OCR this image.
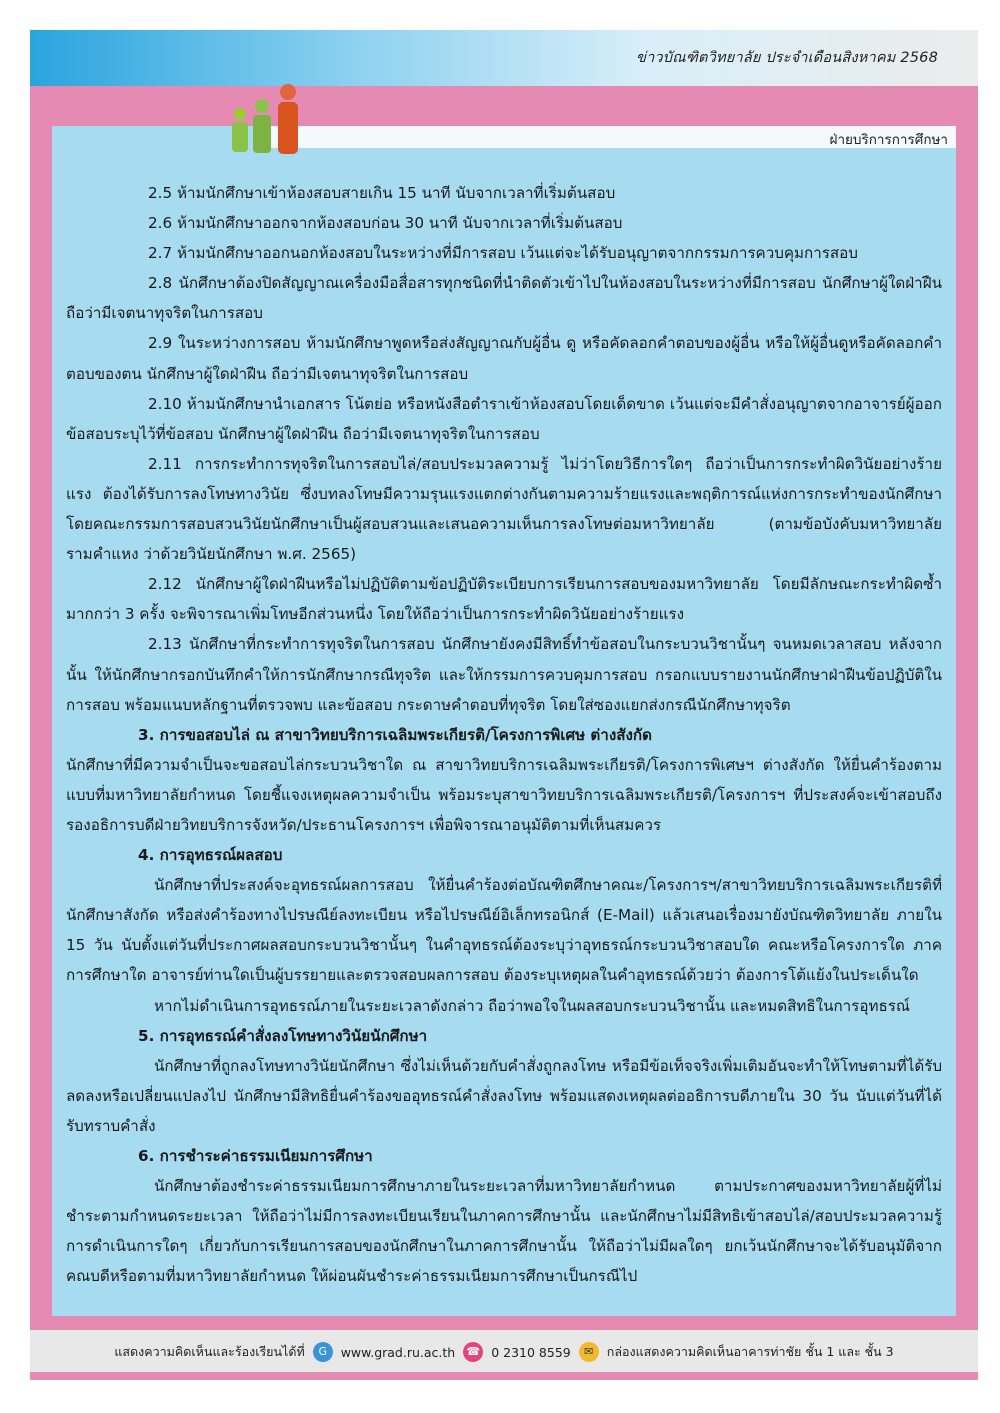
ข่าวบัณฑิตวิทยาลัย ประจำเดือนสิงหาคม 2568
ฝ่ายบริการการศึกษา

2.5 ห้ามนักศึกษาเข้าห้องสอบสายเกิน 15 นาที นับจากเวลาที่เริ่มต้นสอบ

2.6 ห้ามนักศึกษาออกจากห้องสอบก่อน 30 นาที นับจากเวลาที่เริ่มต้นสอบ

2.7 ห้ามนักศึกษาออกนอกห้องสอบในระหว่างที่มีการสอบ เว้นแต่จะได้รับอนุญาตจากกรรมการควบคุมการสอบ

2.8 นักศึกษาต้องปิดสัญญาณเครื่องมือสื่อสารทุกชนิดที่นำติดตัวเข้าไปในห้องสอบในระหว่างที่มีการสอบ นักศึกษาผู้ใดฝ่าฝืน ถือว่ามีเจตนาทุจริตในการสอบ

2.9 ในระหว่างการสอบ ห้ามนักศึกษาพูดหรือส่งสัญญาณกับผู้อื่น ดู หรือคัดลอกคำตอบของผู้อื่น หรือให้ผู้อื่นดูหรือคัดลอกคำตอบของตน นักศึกษาผู้ใดฝ่าฝืน ถือว่ามีเจตนาทุจริตในการสอบ

2.10 ห้ามนักศึกษานำเอกสาร โน้ตย่อ หรือหนังสือตำราเข้าห้องสอบโดยเด็ดขาด เว้นแต่จะมีคำสั่งอนุญาตจากอาจารย์ผู้ออกข้อสอบระบุไว้ที่ข้อสอบ นักศึกษาผู้ใดฝ่าฝืน ถือว่ามีเจตนาทุจริตในการสอบ

2.11 การกระทำการทุจริตในการสอบไล่/สอบประมวลความรู้ ไม่ว่าโดยวิธีการใดๆ ถือว่าเป็นการกระทำผิดวินัยอย่างร้ายแรง ต้องได้รับการลงโทษทางวินัย ซึ่งบทลงโทษมีความรุนแรงแตกต่างกันตามความร้ายแรงและพฤติการณ์แห่งการกระทำของนักศึกษา โดยคณะกรรมการสอบสวนวินัยนักศึกษาเป็นผู้สอบสวนและเสนอความเห็นการลงโทษต่อมหาวิทยาลัย (ตามข้อบังคับมหาวิทยาลัยรามคำแหง ว่าด้วยวินัยนักศึกษา พ.ศ. 2565)

2.12 นักศึกษาผู้ใดฝ่าฝืนหรือไม่ปฏิบัติตามข้อปฏิบัติระเบียบการเรียนการสอบของมหาวิทยาลัย โดยมีลักษณะกระทำผิดซ้ำมากกว่า 3 ครั้ง จะพิจารณาเพิ่มโทษอีกส่วนหนึ่ง โดยให้ถือว่าเป็นการกระทำผิดวินัยอย่างร้ายแรง

2.13 นักศึกษาที่กระทำการทุจริตในการสอบ นักศึกษายังคงมีสิทธิ์ทำข้อสอบในกระบวนวิชานั้นๆ จนหมดเวลาสอบ หลังจากนั้น ให้นักศึกษากรอกบันทึกคำให้การนักศึกษากรณีทุจริต และให้กรรมการควบคุมการสอบ กรอกแบบรายงานนักศึกษาฝ่าฝืนข้อปฏิบัติในการสอบ พร้อมแนบหลักฐานที่ตรวจพบ และข้อสอบ กระดาษคำตอบที่ทุจริต โดยใส่ซองแยกส่งกรณีนักศึกษาทุจริต

3. การขอสอบไล่ ณ สาขาวิทยบริการเฉลิมพระเกียรติ/โครงการพิเศษ ต่างสังกัด

นักศึกษาที่มีความจำเป็นจะขอสอบไล่กระบวนวิชาใด ณ สาขาวิทยบริการเฉลิมพระเกียรติ/โครงการพิเศษฯ ต่างสังกัด ให้ยื่นคำร้องตามแบบที่มหาวิทยาลัยกำหนด โดยชี้แจงเหตุผลความจำเป็น พร้อมระบุสาขาวิทยบริการเฉลิมพระเกียรติ/โครงการฯ ที่ประสงค์จะเข้าสอบถึงรองอธิการบดีฝ่ายวิทยบริการจังหวัด/ประธานโครงการฯ เพื่อพิจารณาอนุมัติตามที่เห็นสมควร

4. การอุทธรณ์ผลสอบ

นักศึกษาที่ประสงค์จะอุทธรณ์ผลการสอบ ให้ยื่นคำร้องต่อบัณฑิตศึกษาคณะ/โครงการฯ/สาขาวิทยบริการเฉลิมพระเกียรติที่นักศึกษาสังกัด หรือส่งคำร้องทางไปรษณีย์ลงทะเบียน หรือไปรษณีย์อิเล็กทรอนิกส์ (E-Mail) แล้วเสนอเรื่องมายังบัณฑิตวิทยาลัย ภายใน 15 วัน นับตั้งแต่วันที่ประกาศผลสอบกระบวนวิชานั้นๆ ในคำอุทธรณ์ต้องระบุว่าอุทธรณ์กระบวนวิชาสอบใด คณะหรือโครงการใด ภาคการศึกษาใด อาจารย์ท่านใดเป็นผู้บรรยายและตรวจสอบผลการสอบ ต้องระบุเหตุผลในคำอุทธรณ์ด้วยว่า ต้องการโต้แย้งในประเด็นใด

หากไม่ดำเนินการอุทธรณ์ภายในระยะเวลาดังกล่าว ถือว่าพอใจในผลสอบกระบวนวิชานั้น และหมดสิทธิในการอุทธรณ์

5. การอุทธรณ์คำสั่งลงโทษทางวินัยนักศึกษา

นักศึกษาที่ถูกลงโทษทางวินัยนักศึกษา ซึ่งไม่เห็นด้วยกับคำสั่งถูกลงโทษ หรือมีข้อเท็จจริงเพิ่มเติมอันจะทำให้โทษตามที่ได้รับลดลงหรือเปลี่ยนแปลงไป นักศึกษามีสิทธิยื่นคำร้องขออุทธรณ์คำสั่งลงโทษ พร้อมแสดงเหตุผลต่ออธิการบดีภายใน 30 วัน นับแต่วันที่ได้รับทราบคำสั่ง

6. การชำระค่าธรรมเนียมการศึกษา

นักศึกษาต้องชำระค่าธรรมเนียมการศึกษาภายในระยะเวลาที่มหาวิทยาลัยกำหนด ตามประกาศของมหาวิทยาลัยผู้ที่ไม่ชำระตามกำหนดระยะเวลา ให้ถือว่าไม่มีการลงทะเบียนเรียนในภาคการศึกษานั้น และนักศึกษาไม่มีสิทธิเข้าสอบไล่/สอบประมวลความรู้ การดำเนินการใดๆ เกี่ยวกับการเรียนการสอบของนักศึกษาในภาคการศึกษานั้น ให้ถือว่าไม่มีผลใดๆ ยกเว้นนักศึกษาจะได้รับอนุมัติจากคณบดีหรือตามที่มหาวิทยาลัยกำหนด ให้ผ่อนผันชำระค่าธรรมเนียมการศึกษาเป็นกรณีไป

แสดงความคิดเห็นและร้องเรียนได้ที่	G	www.grad.ru.ac.th ☎ 0 2310 8559	✉	กล่องแสดงความคิดเห็นอาคารท่าชัย ชั้น 1 และ ชั้น 3
